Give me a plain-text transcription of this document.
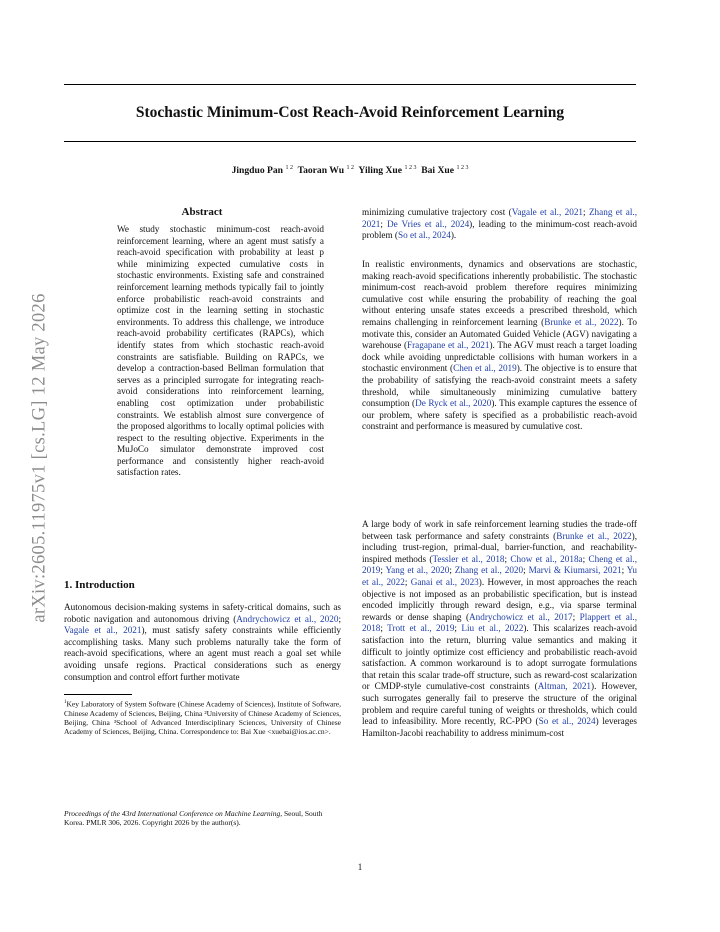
Stochastic Minimum-Cost Reach-Avoid Reinforcement Learning
Jingduo Pan $^{1 2}$ Taoran Wu $^{1 2}$ Yiling Xue $^{1 2 3}$ Bai Xue $^{1 2 3}$
arXiv:2605.11975v1 [cs.LG] 12 May 2026
Abstract

We study stochastic minimum-cost reach-avoid reinforcement learning, where an agent must satisfy a reach-avoid specification with probability at least p while minimizing expected cumulative costs in stochastic environments. Existing safe and constrained reinforcement learning methods typically fail to jointly enforce probabilistic reach-avoid constraints and optimize cost in the learning setting in stochastic environments. To address this challenge, we introduce reach-avoid probability certificates (RAPCs), which identify states from which stochastic reach-avoid constraints are satisfiable. Building on RAPCs, we develop a contraction-based Bellman formulation that serves as a principled surrogate for integrating reach-avoid considerations into reinforcement learning, enabling cost optimization under probabilistic constraints. We establish almost sure convergence of the proposed algorithms to locally optimal policies with respect to the resulting objective. Experiments in the MuJoCo simulator demonstrate improved cost performance and consistently higher reach-avoid satisfaction rates.

1. Introduction

Autonomous decision-making systems in safety-critical domains, such as robotic navigation and autonomous driving (Andrychowicz et al., 2020; Vagale et al., 2021), must satisfy safety constraints while efficiently accomplishing tasks. Many such problems naturally take the form of reach-avoid specifications, where an agent must reach a goal set while avoiding unsafe regions. Practical considerations such as energy consumption and control effort further motivate

$^1$Key Laboratory of System Software (Chinese Academy of Sciences), Institute of Software, Chinese Academy of Sciences, Beijing, China ²University of Chinese Academy of Sciences, Beijing, China ³School of Advanced Interdisciplinary Sciences, University of Chinese Academy of Sciences, Beijing, China. Correspondence to: Bai Xue <xuebai@ios.ac.cn>.
Proceedings of the 43rd International Conference on Machine Learning, Seoul, South Korea. PMLR 306, 2026. Copyright 2026 by the author(s).

minimizing cumulative trajectory cost (Vagale et al., 2021; Zhang et al., 2021; De Vries et al., 2024), leading to the minimum-cost reach-avoid problem (So et al., 2024).

In realistic environments, dynamics and observations are stochastic, making reach-avoid specifications inherently probabilistic. The stochastic minimum-cost reach-avoid problem therefore requires minimizing cumulative cost while ensuring the probability of reaching the goal without entering unsafe states exceeds a prescribed threshold, which remains challenging in reinforcement learning (Brunke et al., 2022). To motivate this, consider an Automated Guided Vehicle (AGV) navigating a warehouse (Fragapane et al., 2021). The AGV must reach a target loading dock while avoiding unpredictable collisions with human workers in a stochastic environment (Chen et al., 2019). The objective is to ensure that the probability of satisfying the reach-avoid constraint meets a safety threshold, while simultaneously minimizing cumulative battery consumption (De Ryck et al., 2020). This example captures the essence of our problem, where safety is specified as a probabilistic reach-avoid constraint and performance is measured by cumulative cost.

A large body of work in safe reinforcement learning studies the trade-off between task performance and safety constraints (Brunke et al., 2022), including trust-region, primal-dual, barrier-function, and reachability-inspired methods (Tessler et al., 2018; Chow et al., 2018a; Cheng et al., 2019; Yang et al., 2020; Zhang et al., 2020; Marvi & Kiumarsi, 2021; Yu et al., 2022; Ganai et al., 2023). However, in most approaches the reach objective is not imposed as an probabilistic specification, but is instead encoded implicitly through reward design, e.g., via sparse terminal rewards or dense shaping (Andrychowicz et al., 2017; Plappert et al., 2018; Trott et al., 2019; Liu et al., 2022). This scalarizes reach-avoid satisfaction into the return, blurring value semantics and making it difficult to jointly optimize cost efficiency and probabilistic reach-avoid satisfaction. A common workaround is to adopt surrogate formulations that retain this scalar trade-off structure, such as reward-cost scalarization or CMDP-style cumulative-cost constraints (Altman, 2021). However, such surrogates generally fail to preserve the structure of the original problem and require careful tuning of weights or thresholds, which could lead to infeasibility. More recently, RC-PPO (So et al., 2024) leverages Hamilton-Jacobi reachability to address minimum-cost

1
